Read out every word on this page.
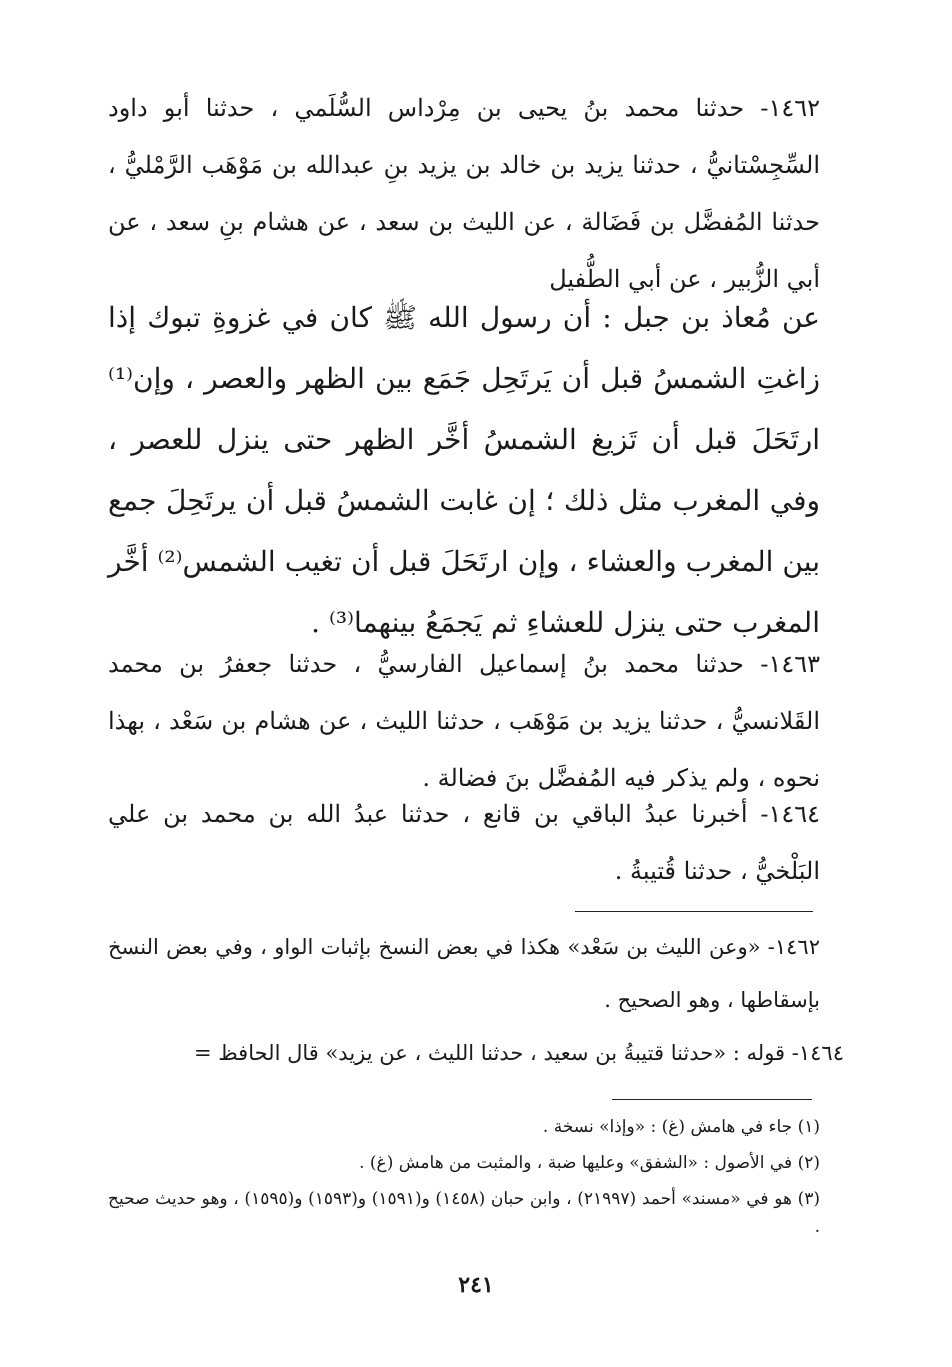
١٤٦٢- حدثنا محمد بنُ يحيى بن مِرْداس السُّلَمي ، حدثنا أبو داود السِّجِسْتانيُّ ، حدثنا يزيد بن خالد بن يزيد بنِ عبدالله بن مَوْهَب الرَّمْليُّ ، حدثنا المُفضَّل بن فَضَالة ، عن الليث بن سعد ، عن هشام بنِ سعد ، عن أبي الزُّبير ، عن أبي الطُّفيل

عن مُعاذ بن جبل : أن رسول الله ﷺ كان في غزوةِ تبوك إذا زاغتِ الشمسُ قبل أن يَرتَحِل جَمَع بين الظهر والعصر ، وإن⁽¹⁾ ارتَحَلَ قبل أن تَزيغ الشمسُ أخَّر الظهر حتى ينزل للعصر ، وفي المغرب مثل ذلك ؛ إن غابت الشمسُ قبل أن يرتَحِلَ جمع بين المغرب والعشاء ، وإن ارتَحَلَ قبل أن تغيب الشمس⁽²⁾ أخَّر المغرب حتى ينزل للعشاءِ ثم يَجمَعُ بينهما⁽³⁾ .

١٤٦٣- حدثنا محمد بنُ إسماعيل الفارسيُّ ، حدثنا جعفرُ بن محمد القَلانسيُّ ، حدثنا يزيد بن مَوْهَب ، حدثنا الليث ، عن هشام بن سَعْد ، بهذا نحوه ، ولم يذكر فيه المُفضَّل بنَ فضالة .

١٤٦٤- أخبرنا عبدُ الباقي بن قانع ، حدثنا عبدُ الله بن محمد بن علي البَلْخيُّ ، حدثنا قُتيبةُ .

١٤٦٢- «وعن الليث بن سَعْد» هكذا في بعض النسخ بإثبات الواو ، وفي بعض النسخ بإسقاطها ، وهو الصحيح .

١٤٦٤- قوله : «حدثنا قتيبةُ بن سعيد ، حدثنا الليث ، عن يزيد» قال الحافظ =

(١) جاء في هامش (غ) : «وإذا» نسخة .

(٢) في الأصول : «الشفق» وعليها ضبة ، والمثبت من هامش (غ) .

(٣) هو في «مسند» أحمد (٢١٩٩٧) ، وابن حبان (١٤٥٨) و(١٥٩١) و(١٥٩٣) و(١٥٩٥) ، وهو حديث صحيح .

٢٤١
